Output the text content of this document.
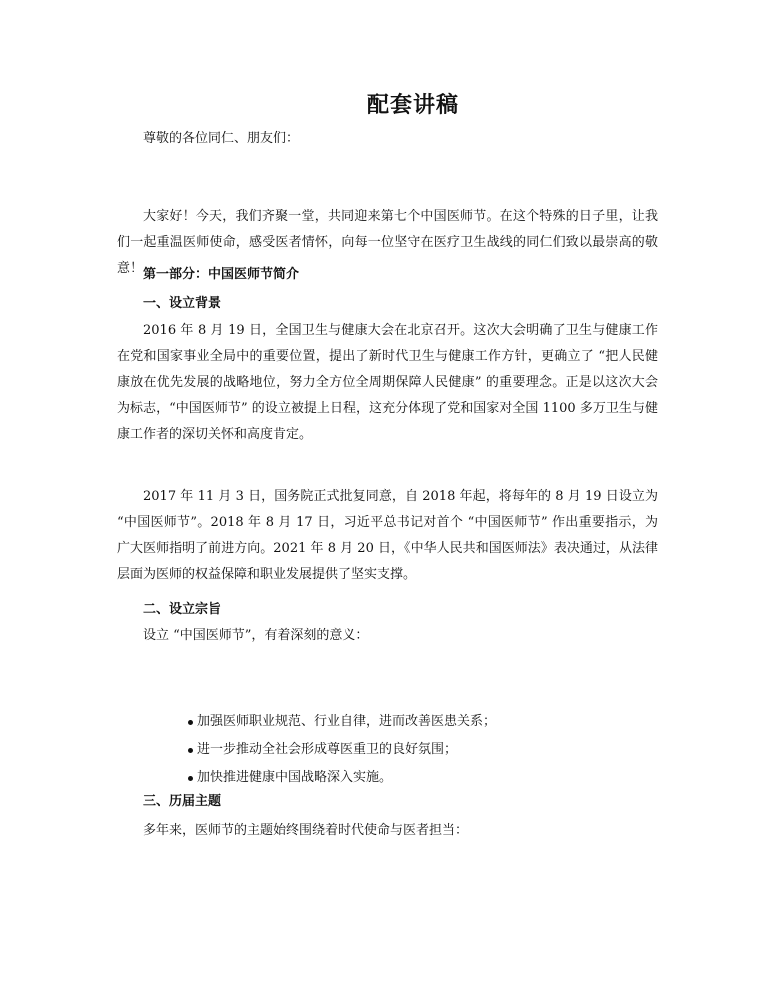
配套讲稿

尊敬的各位同仁、朋友们：

大家好！今天，我们齐聚一堂，共同迎来第七个中国医师节。在这个特殊的日子里，让我们一起重温医师使命，感受医者情怀，向每一位坚守在医疗卫生战线的同仁们致以最崇高的敬意！ 第一部分：中国医师节简介

一、设立背景

2016 年 8 月 19 日，全国卫生与健康大会在北京召开。这次大会明确了卫生与健康工作在党和国家事业全局中的重要位置，提出了新时代卫生与健康工作方针，更确立了 “把人民健康放在优先发展的战略地位，努力全方位全周期保障人民健康” 的重要理念。正是以这次大会为标志，“中国医师节” 的设立被提上日程，这充分体现了党和国家对全国 1100 多万卫生与健康工作者的深切关怀和高度肯定。

2017 年 11 月 3 日，国务院正式批复同意，自 2018 年起，将每年的 8 月 19 日设立为 “中国医师节”。2018 年 8 月 17 日，习近平总书记对首个 “中国医师节” 作出重要指示，为广大医师指明了前进方向。2021 年 8 月 20 日，《中华人民共和国医师法》表决通过，从法律层面为医师的权益保障和职业发展提供了坚实支撑。

二、设立宗旨

设立 “中国医师节”，有着深刻的意义：

加强医师职业规范、行业自律，进而改善医患关系；
进一步推动全社会形成尊医重卫的良好氛围；
加快推进健康中国战略深入实施。

三、历届主题

多年来，医师节的主题始终围绕着时代使命与医者担当：
